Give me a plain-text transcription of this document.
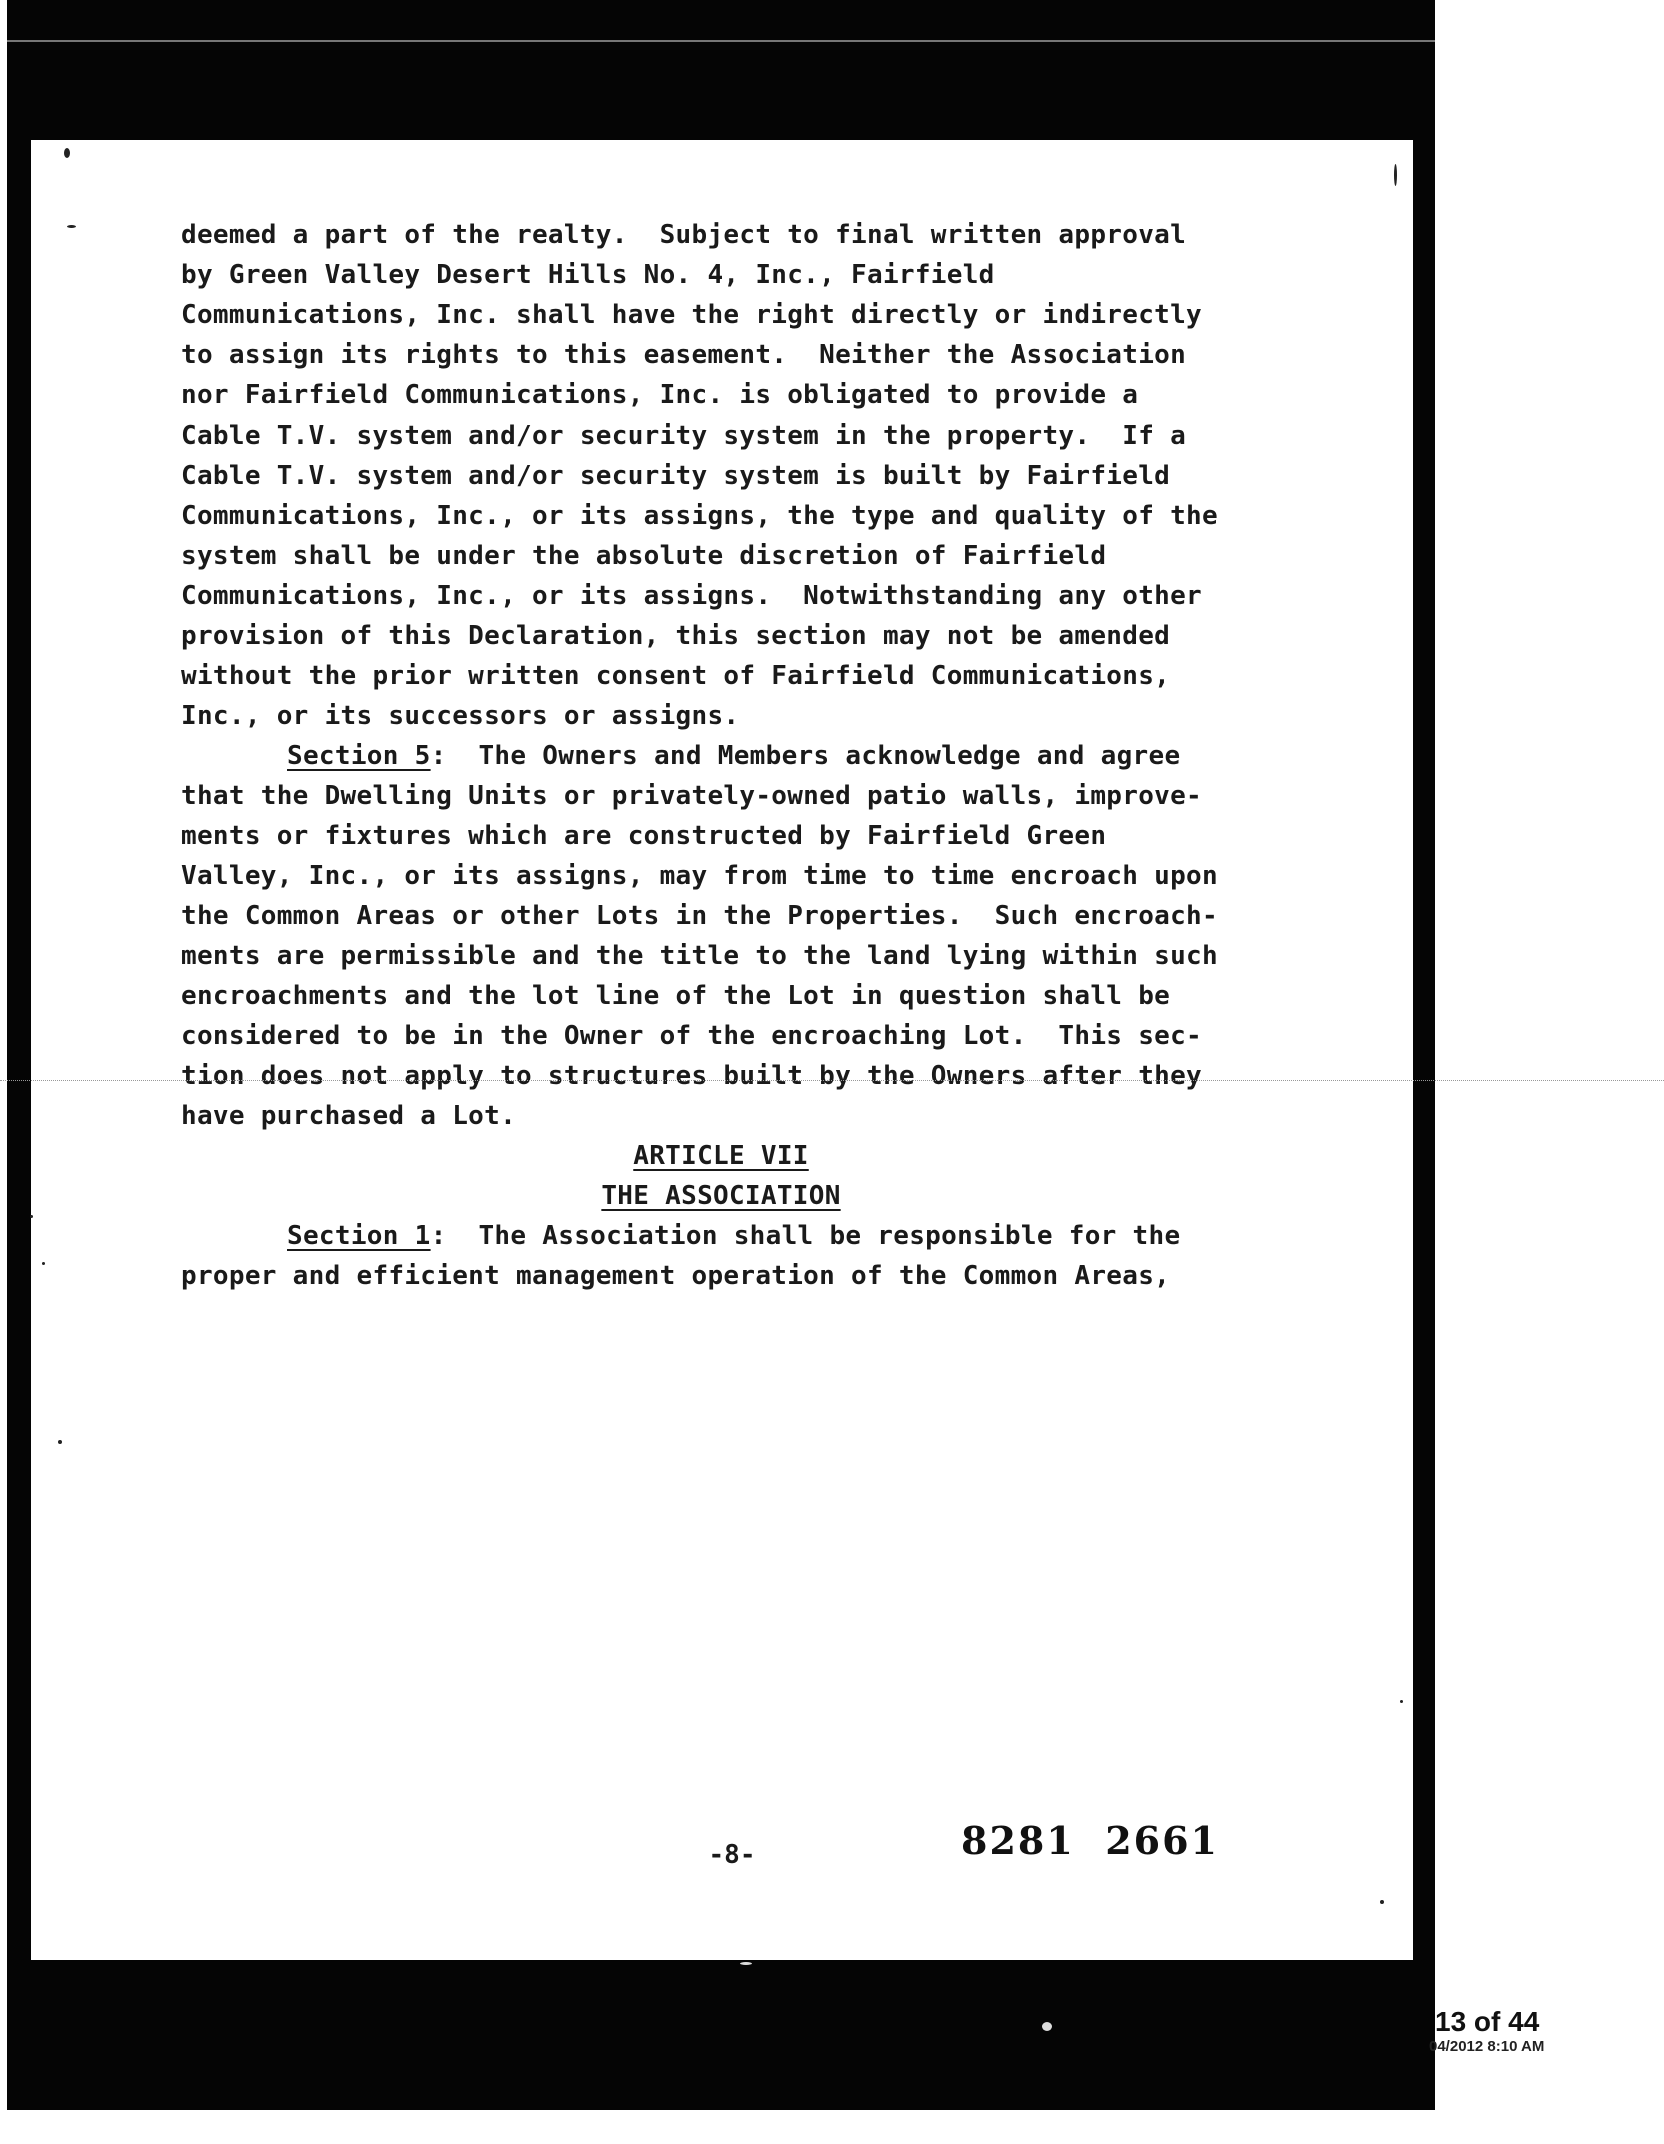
deemed a part of the realty.  Subject to final written approval
by Green Valley Desert Hills No. 4, Inc., Fairfield
Communications, Inc. shall have the right directly or indirectly
to assign its rights to this easement.  Neither the Association
nor Fairfield Communications, Inc. is obligated to provide a
Cable T.V. system and/or security system in the property.  If a
Cable T.V. system and/or security system is built by Fairfield
Communications, Inc., or its assigns, the type and quality of the
system shall be under the absolute discretion of Fairfield
Communications, Inc., or its assigns.  Notwithstanding any other
provision of this Declaration, this section may not be amended
without the prior written consent of Fairfield Communications,
Inc., or its successors or assigns.
Section 5:  The Owners and Members acknowledge and agree
that the Dwelling Units or privately-owned patio walls, improve-
ments or fixtures which are constructed by Fairfield Green
Valley, Inc., or its assigns, may from time to time encroach upon
the Common Areas or other Lots in the Properties.  Such encroach-
ments are permissible and the title to the land lying within such
encroachments and the lot line of the Lot in question shall be
considered to be in the Owner of the encroaching Lot.  This sec-
tion does not apply to structures built by the Owners after they
have purchased a Lot.
ARTICLE VII
THE ASSOCIATION
Section 1:  The Association shall be responsible for the
proper and efficient management operation of the Common Areas,
-8-	8281  2661
13 of 44
04/2012 8:10 AM
